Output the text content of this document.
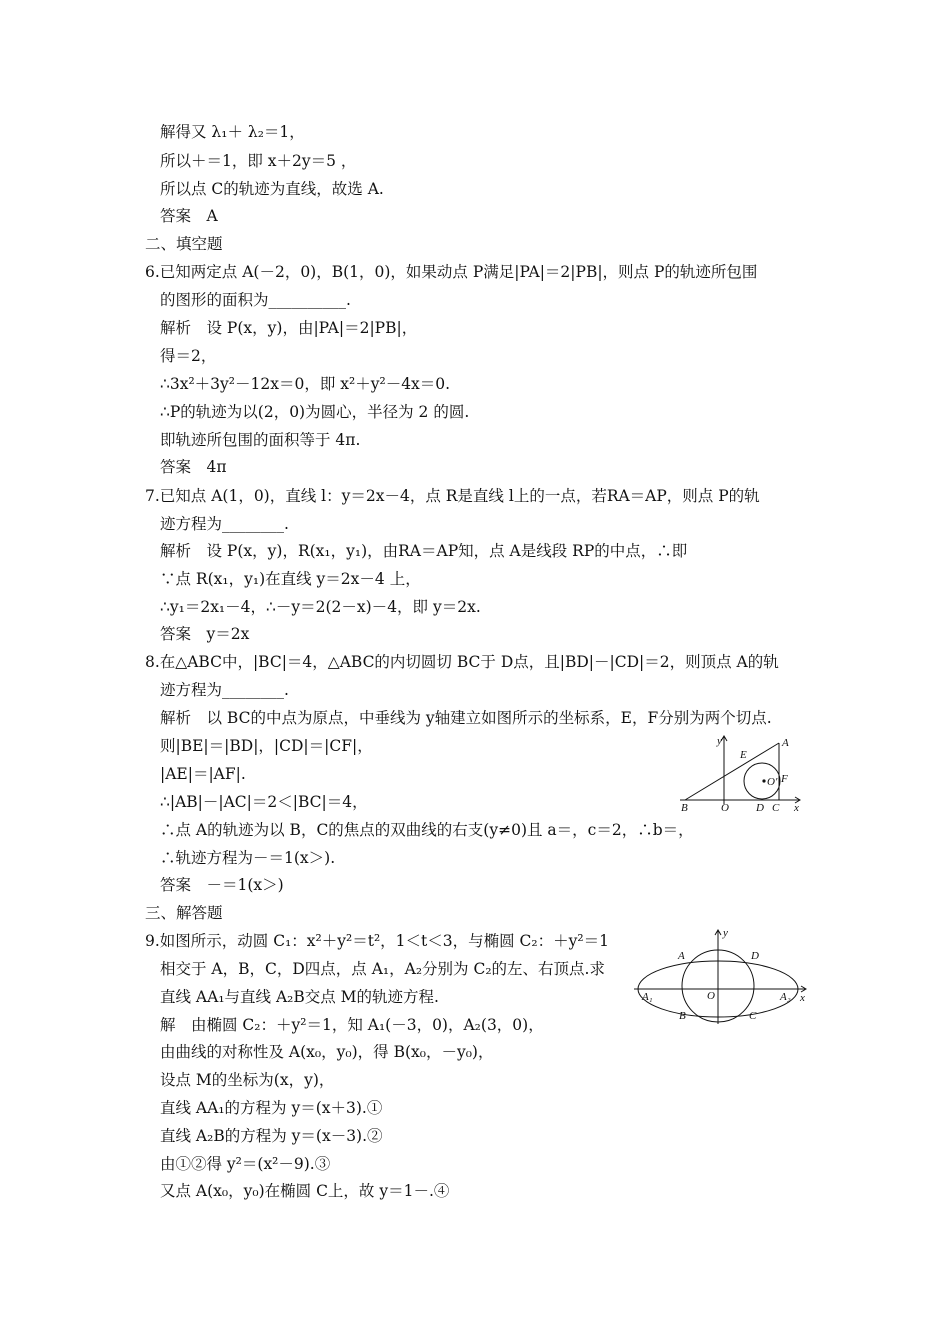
解得又 λ₁＋ λ₂＝1，
所以＋＝1，即 x＋2y＝5 ，
所以点 C的轨迹为直线，故选 A.
答案　A
二、填空题
6.已知两定点 A(－2，0)，B(1，0)，如果动点 P满足|PA|＝2|PB|，则点 P的轨迹所包围
的图形的面积为__________.
解析　设 P(x，y)，由|PA|＝2|PB|，
得＝2，
∴3x²＋3y²－12x＝0，即 x²＋y²－4x＝0.
∴P的轨迹为以(2，0)为圆心，半径为 2 的圆.
即轨迹所包围的面积等于 4π.
答案　4π
7.已知点 A(1，0)，直线 l：y＝2x－4，点 R是直线 l上的一点，若RA＝AP，则点 P的轨
迹方程为________.
解析　设 P(x，y)，R(x₁，y₁)，由RA＝AP知，点 A是线段 RP的中点，∴即
∵点 R(x₁，y₁)在直线 y＝2x－4 上，
∴y₁＝2x₁－4，∴－y＝2(2－x)－4，即 y＝2x.
答案　y＝2x
8.在△ABC中，|BC|＝4，△ABC的内切圆切 BC于 D点，且|BD|－|CD|＝2，则顶点 A的轨
迹方程为________.
解析　以 BC的中点为原点，中垂线为 y轴建立如图所示的坐标系，E，F分别为两个切点.
则|BE|＝|BD|，|CD|＝|CF|，
|AE|＝|AF|.
∴|AB|－|AC|＝2＜|BC|＝4，
∴点 A的轨迹为以 B，C的焦点的双曲线的右支(y≠0)且 a＝，c＝2，∴b＝，
∴轨迹方程为－＝1(x＞).
答案　－＝1(x＞)
三、解答题
9.如图所示，动圆 C₁：x²＋y²＝t²，1＜t＜3，与椭圆 C₂：＋y²＝1
相交于 A，B，C，D四点，点 A₁，A₂分别为 C₂的左、右顶点.求
直线 AA₁与直线 A₂B交点 M的轨迹方程.
解　由椭圆 C₂：＋y²＝1，知 A₁(－3，0)，A₂(3，0)，
由曲线的对称性及 A(x₀，y₀)，得 B(x₀，－y₀)，
设点 M的坐标为(x，y)，
直线 AA₁的方程为 y＝(x＋3).①
直线 A₂B的方程为 y＝(x－3).②
由①②得 y²＝(x²－9).③
又点 A(x₀，y₀)在椭圆 C上，故 y＝1－.④
y	A
E
O′ F
B	O D C x
y
A	D
A₁	O	A₂ x
B	C
